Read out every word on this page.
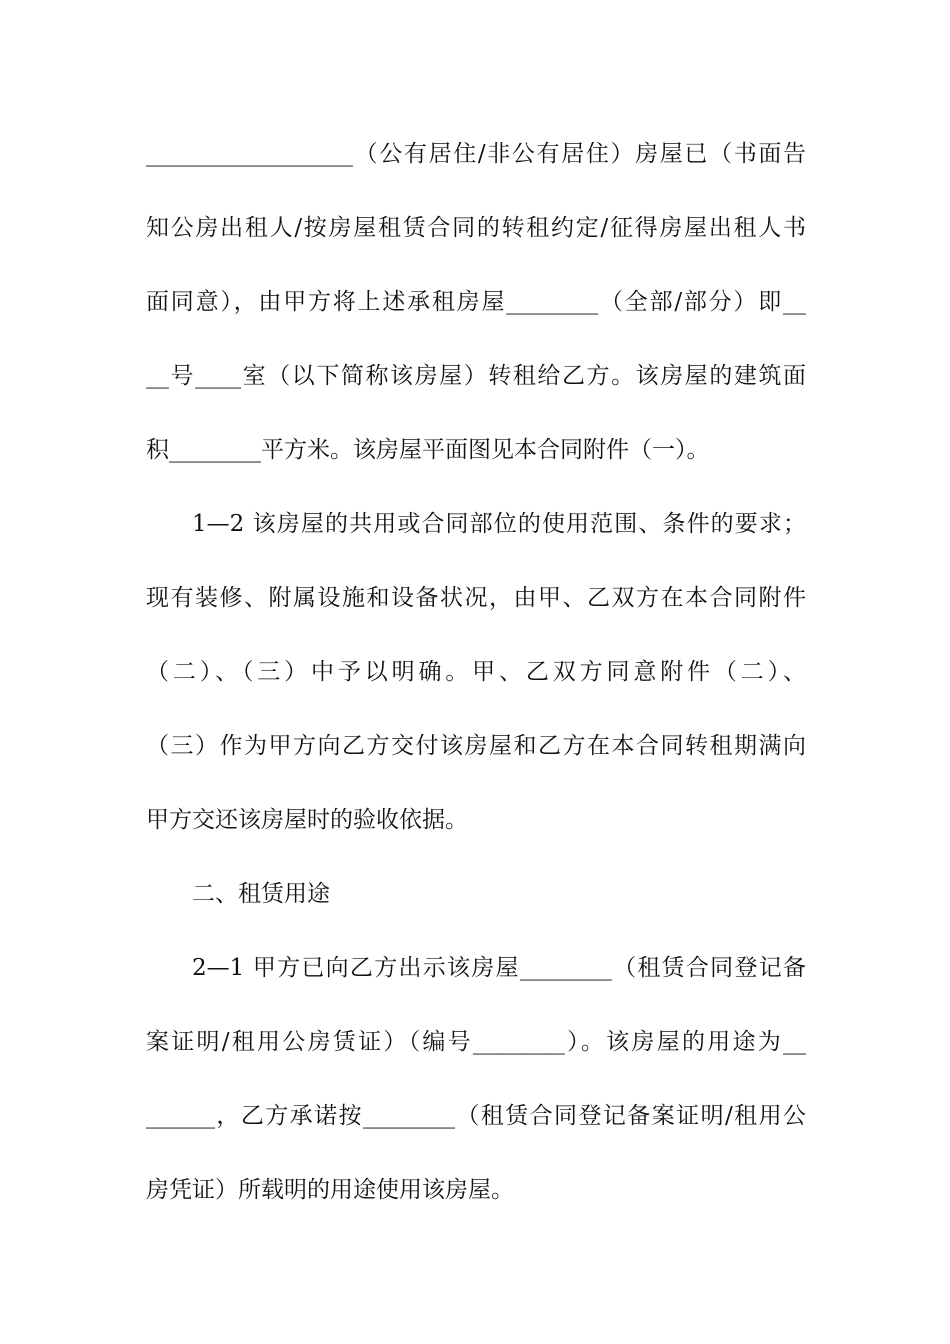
__________________（公有居住/非公有居住）房屋已（书面告
知公房出租人/按房屋租赁合同的转租约定/征得房屋出租人书
面同意），由甲方将上述承租房屋________（全部/部分）即__
__号____室（以下简称该房屋）转租给乙方。该房屋的建筑面
积________平方米。该房屋平面图见本合同附件（一）。
1—2 该房屋的共用或合同部位的使用范围、条件的要求；
现有装修、附属设施和设备状况，由甲、乙双方在本合同附件
（二）、（三）中予以明确。甲、乙双方同意附件（二）、
（三）作为甲方向乙方交付该房屋和乙方在本合同转租期满向
甲方交还该房屋时的验收依据。
二、租赁用途
2—1 甲方已向乙方出示该房屋________（租赁合同登记备
案证明/租用公房赁证）（编号________）。该房屋的用途为__
______，乙方承诺按________（租赁合同登记备案证明/租用公
房凭证）所载明的用途使用该房屋。
